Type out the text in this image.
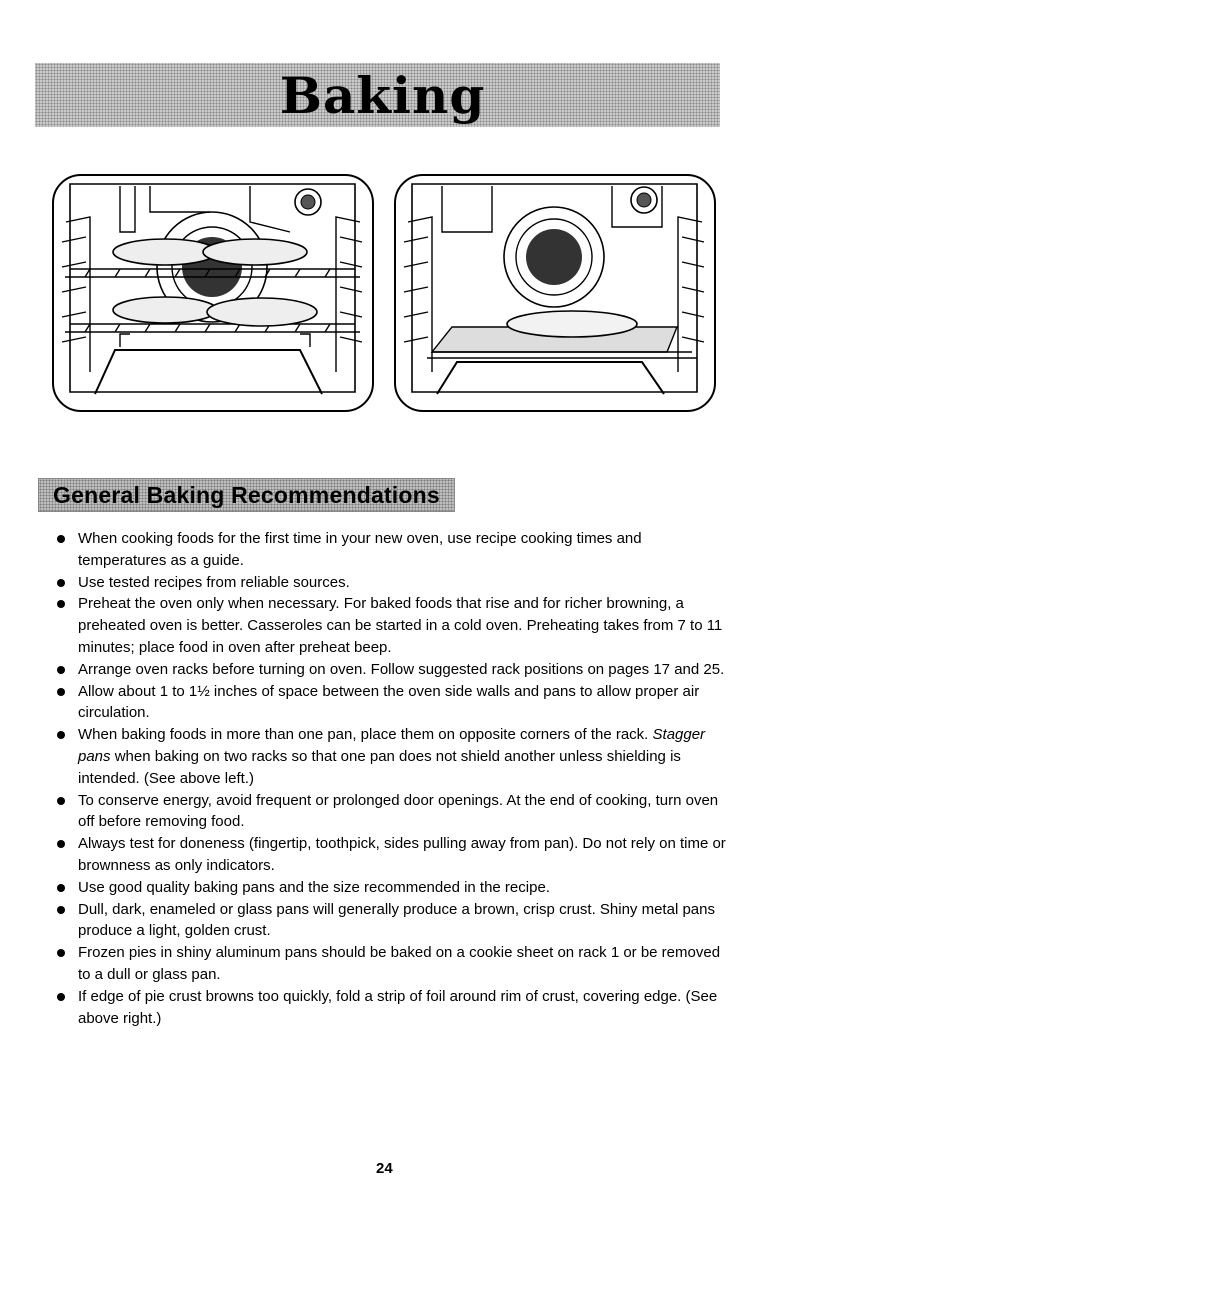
Baking
General Baking Recommendations
When cooking foods for the first time in your new oven, use recipe cooking times and temperatures as a guide.
Use tested recipes from reliable sources.
Preheat the oven only when necessary. For baked foods that rise and for richer browning, a preheated oven is better. Casseroles can be started in a cold oven. Preheating takes from 7 to 11 minutes; place food in oven after preheat beep.
Arrange oven racks before turning on oven. Follow suggested rack positions on pages 17 and 25.
Allow about 1 to 1½ inches of space between the oven side walls and pans to allow proper air circulation.
When baking foods in more than one pan, place them on opposite corners of the rack. Stagger pans when baking on two racks so that one pan does not shield another unless shielding is intended. (See above left.)
To conserve energy, avoid frequent or prolonged door openings. At the end of cooking, turn oven off before removing food.
Always test for doneness (fingertip, toothpick, sides pulling away from pan). Do not rely on time or brownness as only indicators.
Use good quality baking pans and the size recommended in the recipe.
Dull, dark, enameled or glass pans will generally produce a brown, crisp crust. Shiny metal pans produce a light, golden crust.
Frozen pies in shiny aluminum pans should be baked on a cookie sheet on rack 1 or be removed to a dull or glass pan.
If edge of pie crust browns too quickly, fold a strip of foil around rim of crust, covering edge. (See above right.)
24
